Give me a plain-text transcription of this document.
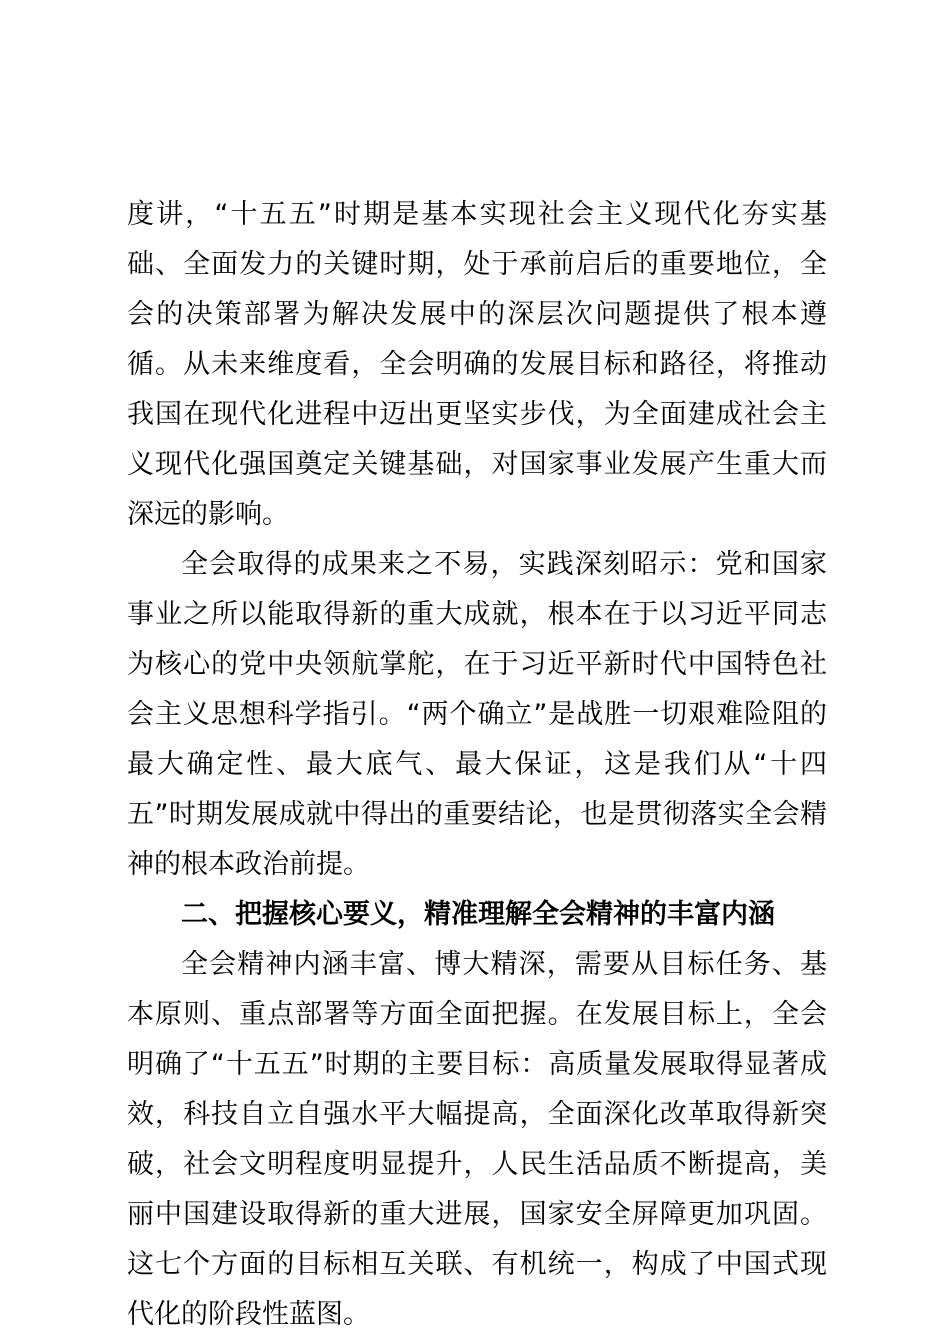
度讲，“十五五”时期是基本实现社会主义现代化夯实基础、全面发力的关键时期，处于承前启后的重要地位，全会的决策部署为解决发展中的深层次问题提供了根本遵循。从未来维度看，全会明确的发展目标和路径，将推动我国在现代化进程中迈出更坚实步伐，为全面建成社会主义现代化强国奠定关键基础，对国家事业发展产生重大而深远的影响。

全会取得的成果来之不易，实践深刻昭示：党和国家事业之所以能取得新的重大成就，根本在于以习近平同志为核心的党中央领航掌舵，在于习近平新时代中国特色社会主义思想科学指引。“两个确立”是战胜一切艰难险阻的最大确定性、最大底气、最大保证，这是我们从“十四五”时期发展成就中得出的重要结论，也是贯彻落实全会精神的根本政治前提。

二、把握核心要义，精准理解全会精神的丰富内涵

全会精神内涵丰富、博大精深，需要从目标任务、基本原则、重点部署等方面全面把握。在发展目标上，全会明确了“十五五”时期的主要目标：高质量发展取得显著成效，科技自立自强水平大幅提高，全面深化改革取得新突破，社会文明程度明显提升，人民生活品质不断提高，美丽中国建设取得新的重大进展，国家安全屏障更加巩固。这七个方面的目标相互关联、有机统一，构成了中国式现代化的阶段性蓝图。
